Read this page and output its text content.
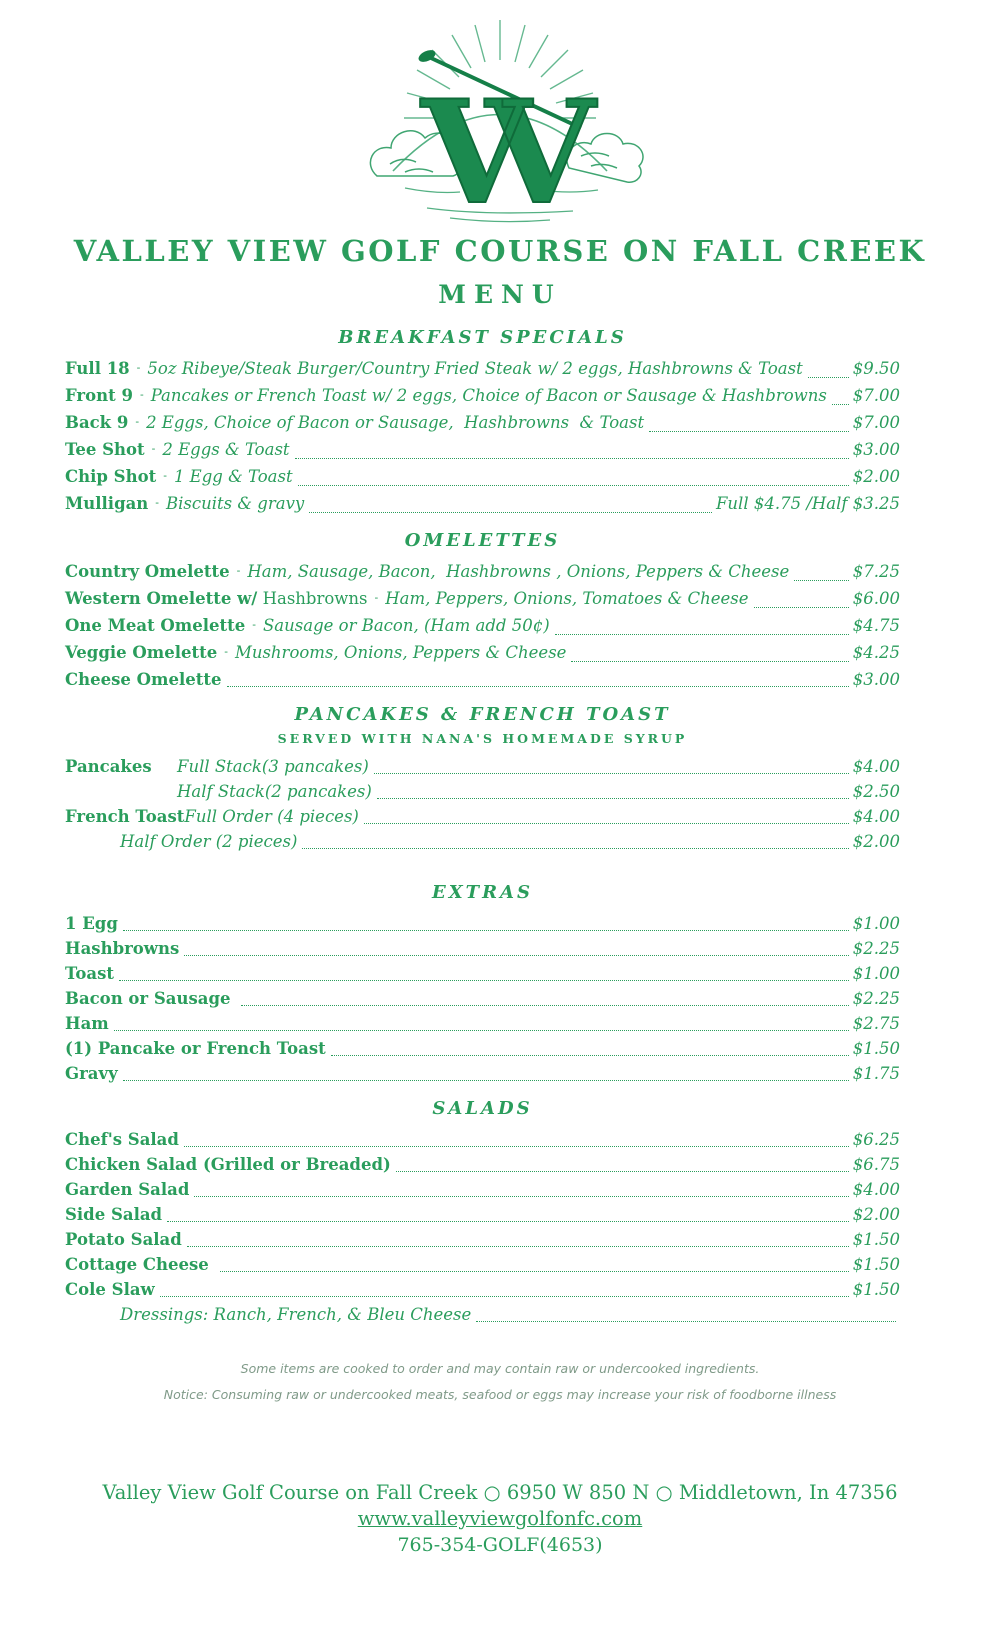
VV
VALLEY VIEW GOLF COURSE ON FALL CREEK
MENU
BREAKFAST SPECIALS
Full 18 - 5oz Ribeye/Steak Burger/Country Fried Steak w/ 2 eggs, Hashbrowns & Toast	$9.50
Front 9 - Pancakes or French Toast w/ 2 eggs, Choice of Bacon or Sausage & Hashbrowns $7.00
Back 9 - 2 Eggs, Choice of Bacon or Sausage,  Hashbrowns  & Toast	$7.00
Tee Shot - 2 Eggs & Toast	$3.00
Chip Shot - 1 Egg & Toast	$2.00
Mulligan - Biscuits & gravy	Full $4.75 /Half $3.25
OMELETTES
Country Omelette - Ham, Sausage, Bacon,  Hashbrowns , Onions, Peppers & Cheese	$7.25
Western Omelette w/ Hashbrowns - Ham, Peppers, Onions, Tomatoes & Cheese	$6.00
One Meat Omelette - Sausage or Bacon, (Ham add 50¢)	$4.75
Veggie Omelette - Mushrooms, Onions, Peppers & Cheese	$4.25
Cheese Omelette	$3.00
PANCAKES & FRENCH TOAST
SERVED WITH NANA'S HOMEMADE SYRUP
Pancakes	Full Stack(3 pancakes)	$4.00
Half Stack(2 pancakes)	$2.50
French Toast Full Order (4 pieces)	$4.00
Half Order (2 pieces)	$2.00
EXTRAS
1 Egg	$1.00
Hashbrowns	$2.25
Toast	$1.00
Bacon or Sausage	$2.25
Ham	$2.75
(1) Pancake or French Toast	$1.50
Gravy	$1.75
SALADS
Chef's Salad	$6.25
Chicken Salad (Grilled or Breaded)	$6.75
Garden Salad	$4.00
Side Salad	$2.00
Potato Salad	$1.50
Cottage Cheese	$1.50
Cole Slaw	$1.50
Dressings: Ranch, French, & Bleu Cheese
Some items are cooked to order and may contain raw or undercooked ingredients.
Notice: Consuming raw or undercooked meats, seafood or eggs may increase your risk of foodborne illness
Valley View Golf Course on Fall Creek ○ 6950 W 850 N ○ Middletown, In 47356
www.valleyviewgolfonfc.com
765-354-GOLF(4653)
